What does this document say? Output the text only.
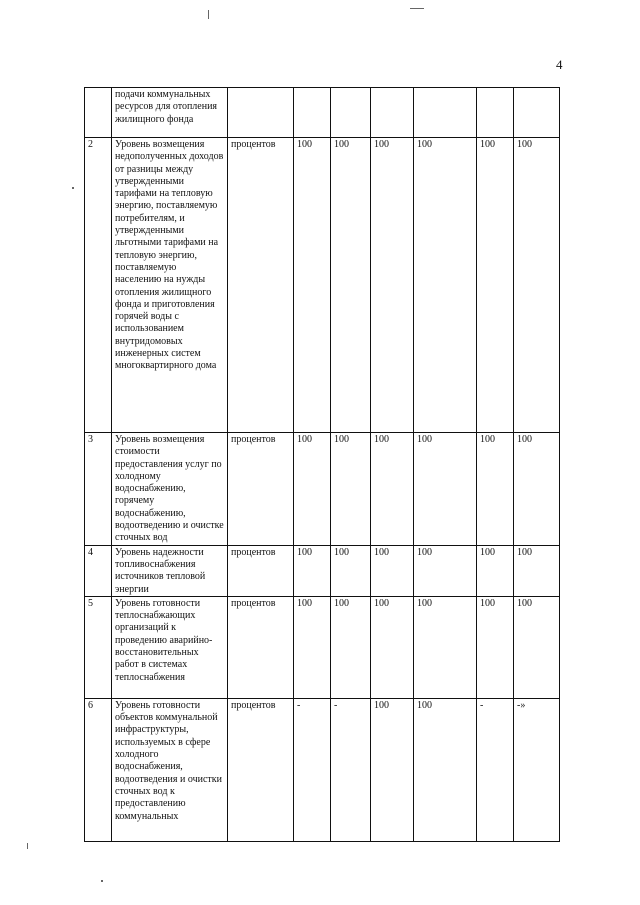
4
	подачи коммунальных ресурсов для отопления жилищного фонда							
2	Уровень возмещения недополученных доходов от разницы между утвержденными тарифами на тепловую энергию, поставляемую потребителям, и утвержденными льготными тарифами на тепловую энергию, поставляемую населению на нужды отопления жилищного фонда и приготовления горячей воды с использованием внутридомовых инженерных систем многоквартирного дома	процентов	100	100	100	100	100	100
3	Уровень возмещения стоимости предоставления услуг по холодному водоснабжению, горячему водоснабжению, водоотведению и очистке сточных вод	процентов	100	100	100	100	100	100
4	Уровень надежности топливоснабжения источников тепловой энергии	процентов	100	100	100	100	100	100
5	Уровень готовности теплоснабжающих организаций к проведению аварийно-восстановительных работ в системах теплоснабжения	процентов	100	100	100	100	100	100
6	Уровень готовности объектов коммунальной инфраструктуры, используемых в сфере холодного водоснабжения, водоотведения и очистки сточных вод к предоставлению коммунальных	процентов	-	-	100	100	-	-»
